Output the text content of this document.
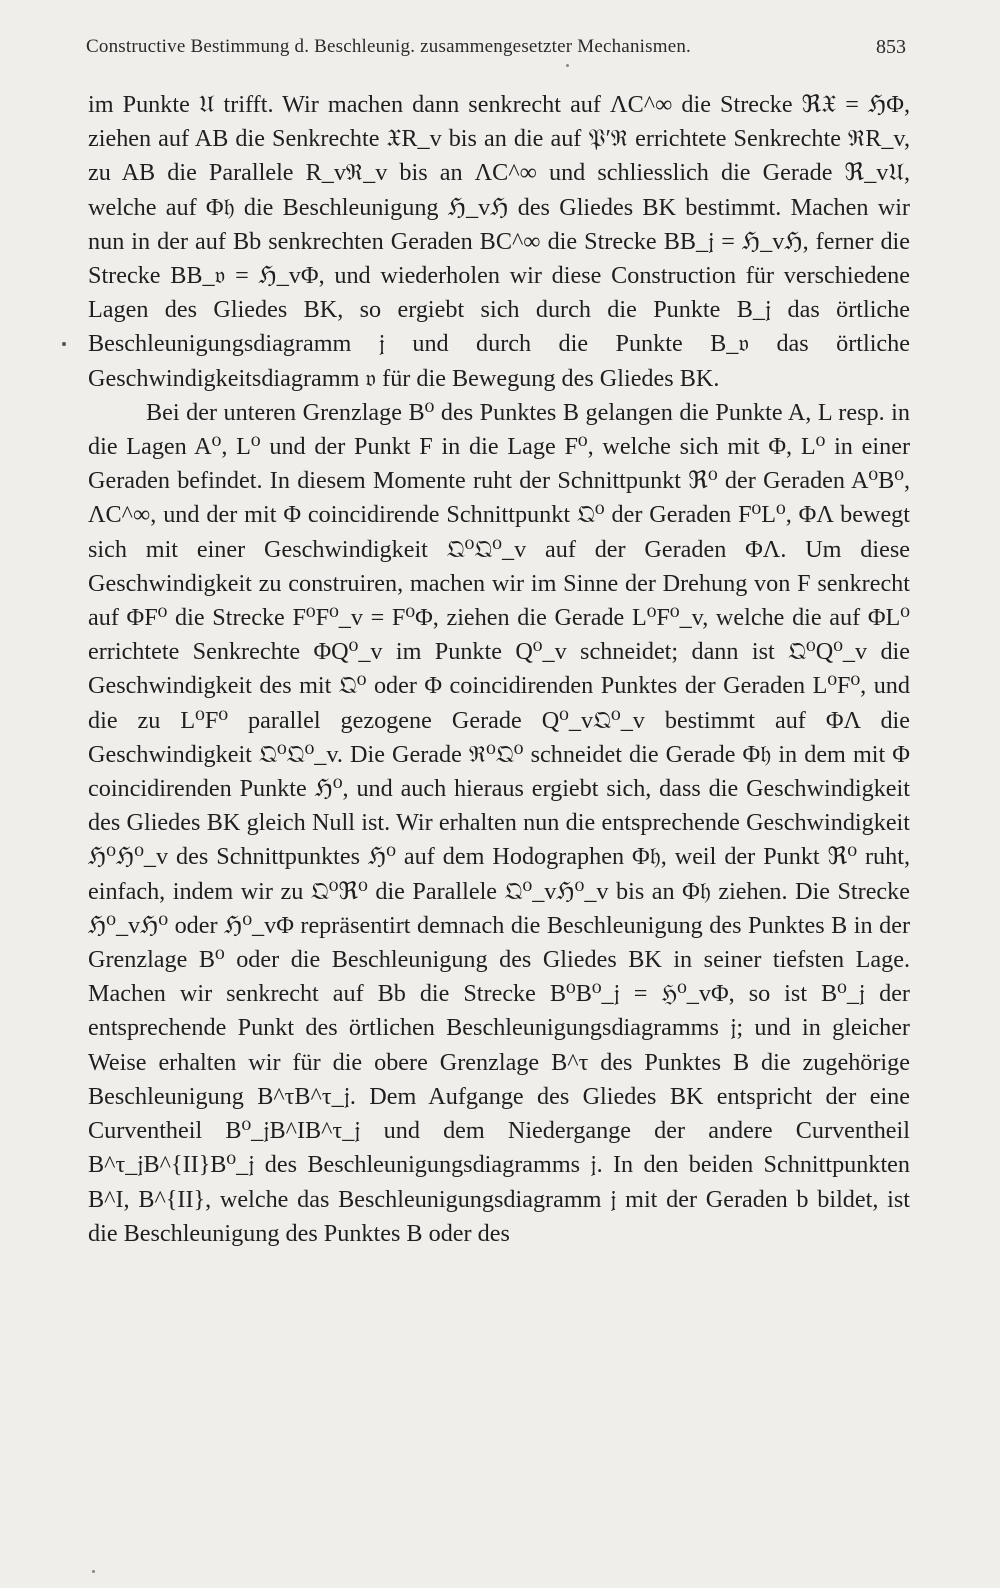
Constructive Bestimmung d. Beschleunig. zusammengesetzter Mechanismen.	853

im Punkte 𝔘 trifft. Wir machen dann senkrecht auf ΛC^∞ die Strecke ℜ𝔛 = ℌΦ, ziehen auf AB die Senkrechte 𝔛R_v bis an die auf 𝔓′ℜ errichtete Senkrechte ℜR_v, zu AB die Parallele R_vℜ_v bis an ΛC^∞ und schliesslich die Gerade ℜ_v𝔘, welche auf Φ𝔥 die Beschleunigung ℌ_vℌ des Gliedes BK bestimmt. Machen wir nun in der auf Bb senkrechten Geraden BC^∞ die Strecke BB_𝔧 = ℌ_vℌ, ferner die Strecke BB_𝔳 = ℌ_vΦ, und wiederholen wir diese Construction für verschiedene Lagen des Gliedes BK, so ergiebt sich durch die Punkte B_𝔧 das örtliche Beschleunigungsdiagramm 𝔧 und durch die Punkte B_𝔳 das örtliche Geschwindigkeitsdiagramm 𝔳 für die Bewegung des Gliedes BK.

Bei der unteren Grenzlage B⁰ des Punktes B gelangen die Punkte A, L resp. in die Lagen A⁰, L⁰ und der Punkt F in die Lage F⁰, welche sich mit Φ, L⁰ in einer Geraden befindet. In diesem Momente ruht der Schnittpunkt ℜ⁰ der Geraden A⁰B⁰, ΛC^∞, und der mit Φ coincidirende Schnittpunkt 𝔔⁰ der Geraden F⁰L⁰, ΦΛ bewegt sich mit einer Geschwindigkeit 𝔔⁰𝔔⁰_v auf der Geraden ΦΛ. Um diese Geschwindigkeit zu construiren, machen wir im Sinne der Drehung von F senkrecht auf ΦF⁰ die Strecke F⁰F⁰_v = F⁰Φ, ziehen die Gerade L⁰F⁰_v, welche die auf ΦL⁰ errichtete Senkrechte ΦQ⁰_v im Punkte Q⁰_v schneidet; dann ist 𝔔⁰Q⁰_v die Geschwindigkeit des mit 𝔔⁰ oder Φ coincidirenden Punktes der Geraden L⁰F⁰, und die zu L⁰F⁰ parallel gezogene Gerade Q⁰_v𝔔⁰_v bestimmt auf ΦΛ die Geschwindigkeit 𝔔⁰𝔔⁰_v. Die Gerade ℜ⁰𝔔⁰ schneidet die Gerade Φ𝔥 in dem mit Φ coincidirenden Punkte ℌ⁰, und auch hieraus ergiebt sich, dass die Geschwindigkeit des Gliedes BK gleich Null ist. Wir erhalten nun die entsprechende Geschwindigkeit ℌ⁰ℌ⁰_v des Schnittpunktes ℌ⁰ auf dem Hodographen Φ𝔥, weil der Punkt ℜ⁰ ruht, einfach, indem wir zu 𝔔⁰ℜ⁰ die Parallele 𝔔⁰_vℌ⁰_v bis an Φ𝔥 ziehen. Die Strecke ℌ⁰_vℌ⁰ oder ℌ⁰_vΦ repräsentirt demnach die Beschleunigung des Punktes B in der Grenzlage B⁰ oder die Beschleunigung des Gliedes BK in seiner tiefsten Lage. Machen wir senkrecht auf Bb die Strecke B⁰B⁰_𝔧 = ℌ⁰_vΦ, so ist B⁰_𝔧 der entsprechende Punkt des örtlichen Beschleunigungsdiagramms 𝔧; und in gleicher Weise erhalten wir für die obere Grenzlage B^τ des Punktes B die zugehörige Beschleunigung B^τB^τ_𝔧. Dem Aufgange des Gliedes BK entspricht der eine Curventheil B⁰_𝔧B^IB^τ_𝔧 und dem Niedergange der andere Curventheil B^τ_𝔧B^{II}B⁰_𝔧 des Beschleunigungsdiagramms 𝔧. In den beiden Schnittpunkten B^I, B^{II}, welche das Beschleunigungsdiagramm 𝔧 mit der Geraden b bildet, ist die Beschleunigung des Punktes B oder des
